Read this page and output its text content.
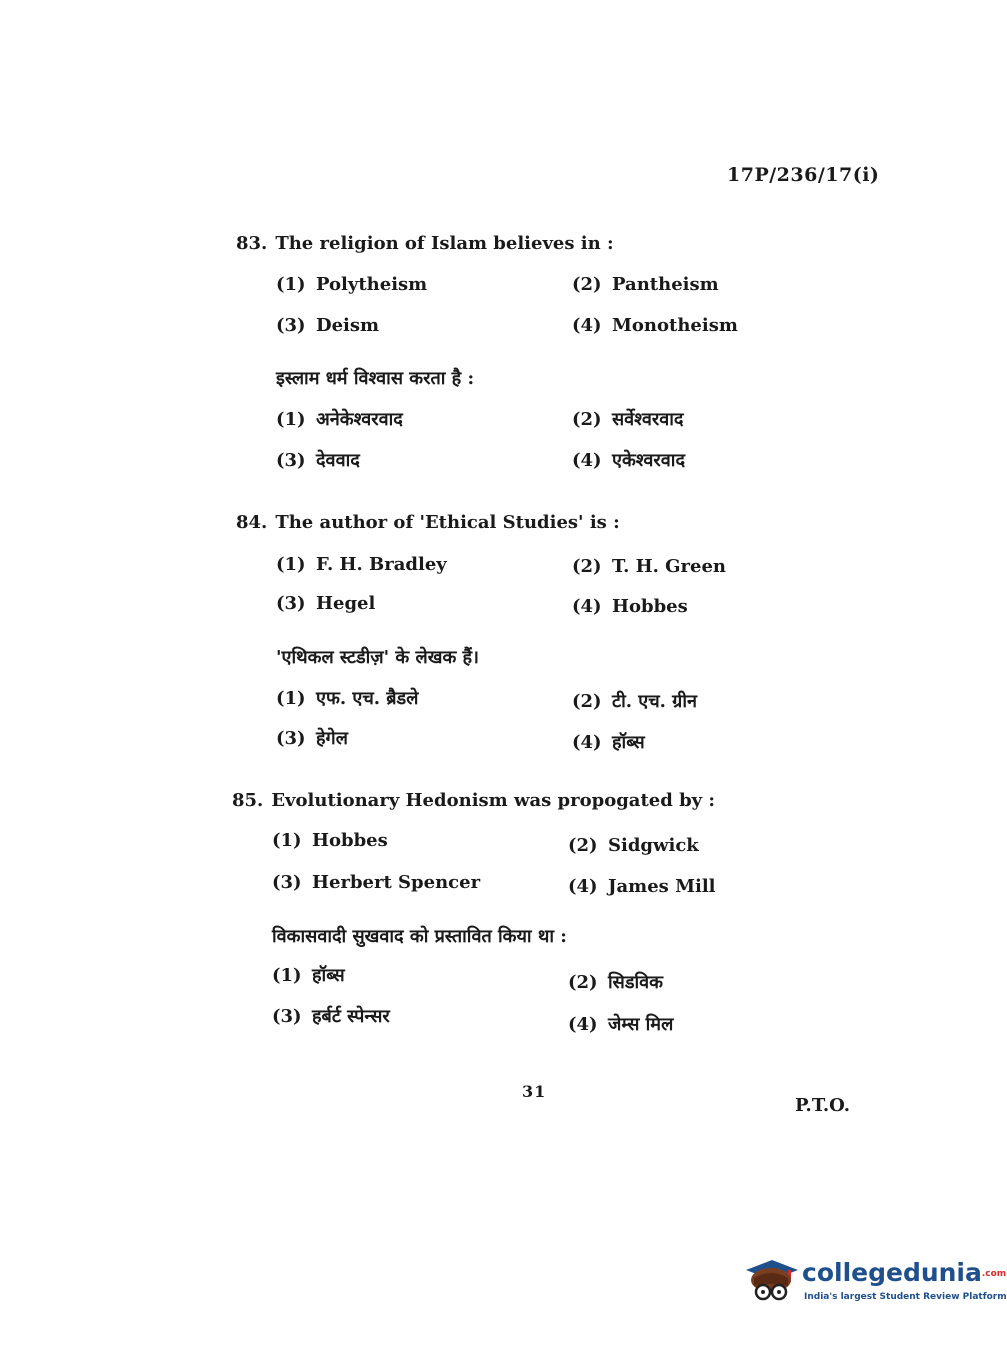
17P/236/17(i)
83. The religion of Islam believes in :
(1) Polytheism	(2) Pantheism
(3) Deism	(4) Monotheism
इस्लाम धर्म विश्वास करता है :
(1) अनेकेश्वरवाद	(2) सर्वेश्वरवाद
(3) देववाद	(4) एकेश्वरवाद
84. The author of 'Ethical Studies' is :
(1) F. H. Bradley	(2) T. H. Green
(3) Hegel	(4) Hobbes
'एथिकल स्टडीज़' के लेखक हैं।
(1) एफ. एच. ब्रैडले	(2) टी. एच. ग्रीन
(3) हेगेल	(4) हॉब्स
85. Evolutionary Hedonism was propogated by :
(1) Hobbes	(2) Sidgwick
(3) Herbert Spencer	(4) James Mill
विकासवादी सुखवाद को प्रस्तावित किया था :
(1) हॉब्स	(2) सिडविक
(3) हर्बर्ट स्पेन्सर	(4) जेम्स मिल
31
P.T.O.
collegedunia.com
India's largest Student Review Platform
